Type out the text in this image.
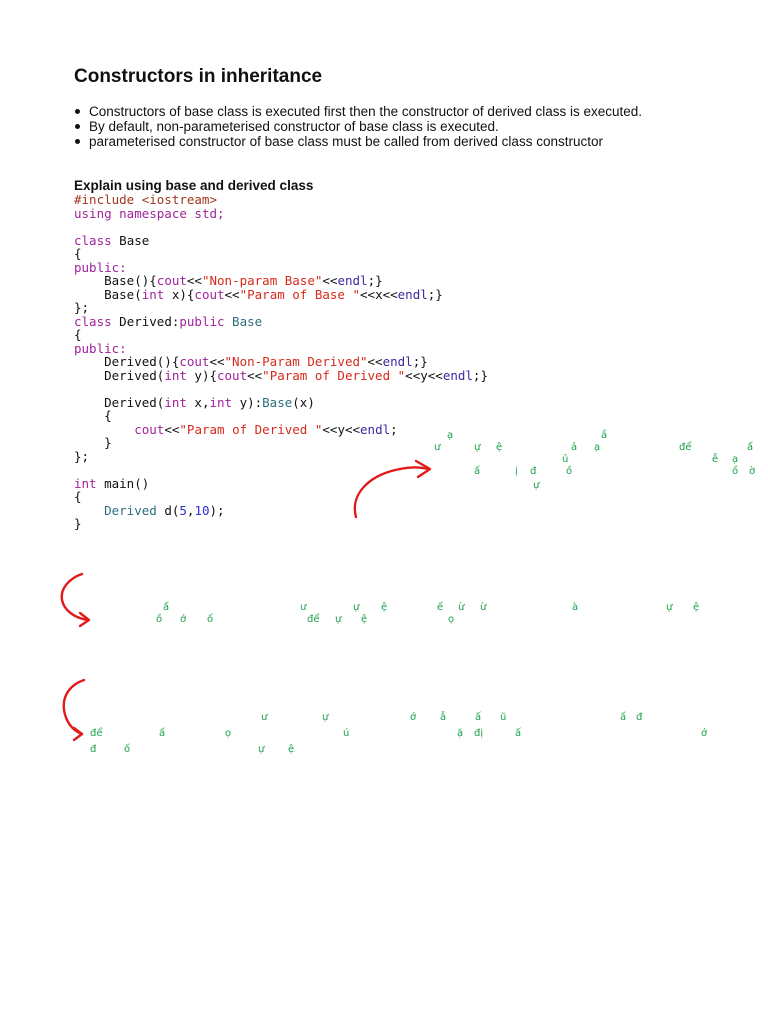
Constructors in inheritance
Constructors of base class is executed first then the constructor of derived class is executed.
By default, non-parameterised constructor of base class is executed.
parameterised constructor of base class must be called from derived class constructor
Explain using base and derived class
#include <iostream>
using namespace std;
class Base
{
public:
Base(){cout<<"Non-param Base"<<endl;}
Base(int x){cout<<"Param of Base "<<x<<endl;}
};
class Derived:public Base
{
public:
Derived(){cout<<"Non-Param Derived"<<endl;}
Derived(int y){cout<<"Param of Derived "<<y<<endl;}
Derived(int x,int y):Base(x)
{
cout<<"Param of Derived "<<y<<endl;
}
};
int main()
{
Derived d(5,10);
}
ạ
ư	ự ệ	ả ạ
ầ
để	ấ
ủ	ễ ạ
ấ	ị đ	ồ	ồ ờ
ự
ấ
ồ ớ ố
ư
để
ự
ự
ệ
ệ
ế ừ
ọ
ừ	à	ự ệ
ư	ự	ớ ẫ	ấ ũ	ấ đ
để	ấ	ọ	ú	ặ đị	ấ	ớ
đ	ố	ự ệ
